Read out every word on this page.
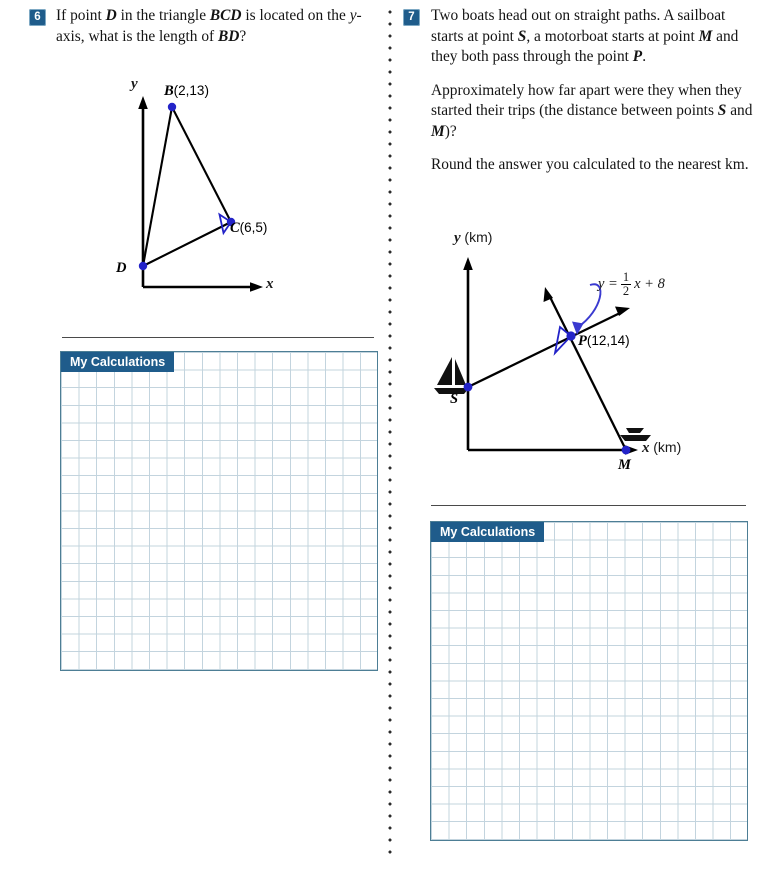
6 If point D in the triangle BCD is located on the y-axis, what is the length of BD?

y
x
B(2,13)
C(6,5)
D
My Calculations
7	Two boats head out on straight paths. A sailboat starts at point S, a motorboat starts at point M and they both pass through the point P.

Approximately how far apart were they when they started their trips (the distance between points S and M)?

Round the answer you calculated to the nearest km.

y (km)
x (km)
$y = \frac{1}{2}$ x + 8
S
M
P(12,14)
My Calculations
